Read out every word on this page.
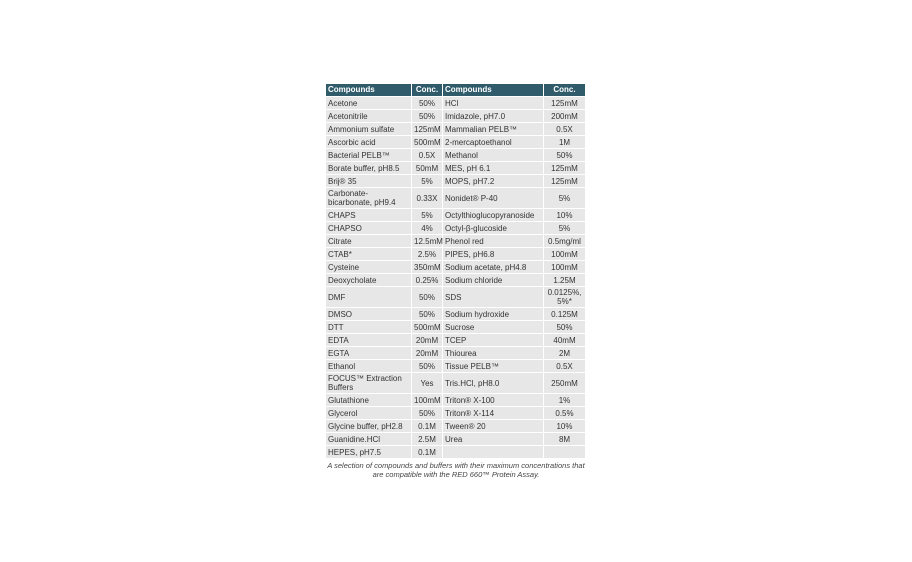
Compounds	Conc.	Compounds	Conc.
Acetone	50%	HCl	125mM
Acetonitrile	50%	Imidazole, pH7.0	200mM
Ammonium sulfate	125mM	Mammalian PELB™	0.5X
Ascorbic acid	500mM	2-mercaptoethanol	1M
Bacterial PELB™	0.5X	Methanol	50%
Borate buffer, pH8.5	50mM	MES, pH 6.1	125mM
Brij® 35	5%	MOPS, pH7.2	125mM
Carbonate-bicarbonate, pH9.4	0.33X	Nonidet® P-40	5%
CHAPS	5%	Octylthioglucopyranoside	10%
CHAPSO	4%	Octyl-β-glucoside	5%
Citrate	12.5mM	Phenol red	0.5mg/ml
CTAB*	2.5%	PIPES, pH6.8	100mM
Cysteine	350mM	Sodium acetate, pH4.8	100mM
Deoxycholate	0.25%	Sodium chloride	1.25M
DMF	50%	SDS	0.0125%, 5%*
DMSO	50%	Sodium hydroxide	0.125M
DTT	500mM	Sucrose	50%
EDTA	20mM	TCEP	40mM
EGTA	20mM	Thiourea	2M
Ethanol	50%	Tissue PELB™	0.5X
FOCUS™ Extraction Buffers	Yes	Tris.HCl, pH8.0	250mM
Glutathione	100mM	Triton® X-100	1%
Glycerol	50%	Triton® X-114	0.5%
Glycine buffer, pH2.8	0.1M	Tween® 20	10%
Guanidine.HCl	2.5M	Urea	8M
HEPES, pH7.5	0.1M		
A selection of compounds and buffers with their maximum concentrations that are compatible with the RED 660™ Protein Assay.
